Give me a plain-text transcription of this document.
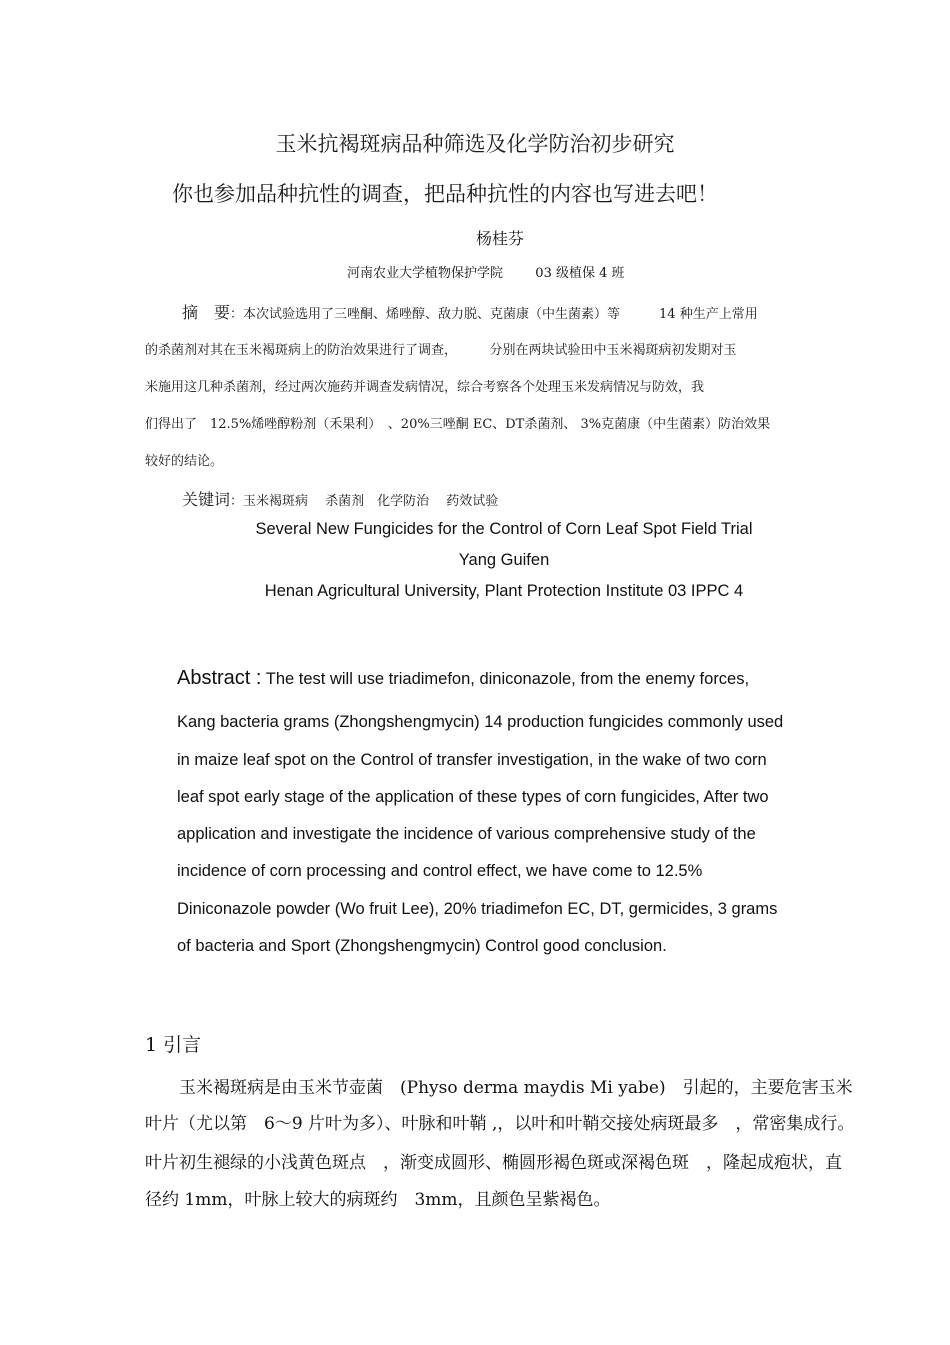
玉米抗褐斑病品种筛选及化学防治初步研究
你也参加品种抗性的调查，把品种抗性的内容也写进去吧！
杨桂芬
河南农业大学植物保护学院 03 级植保 4 班
摘　要：本次试验选用了三唑酮、烯唑醇、敌力脱、克菌康（中生菌素）等　　　14 种生产上常用
的杀菌剂对其在玉米褐斑病上的防治效果进行了调查，　　　分别在两块试验田中玉米褐斑病初发期对玉
米施用这几种杀菌剂，经过两次施药并调查发病情况，综合考察各个处理玉米发病情况与防效，我
们得出了　12.5%烯唑醇粉剂（禾果利）　、20%三唑酮 EC、DT杀菌剂、 3%克菌康（中生菌素）防治效果
较好的结论。
关键词：玉米褐斑病　 杀菌剂　化学防治　 药效试验
Several New Fungicides for the Control of Corn Leaf Spot Field Trial
Yang Guifen
Henan Agricultural University, Plant Protection Institute 03 IPPC 4
Abstract : The test will use triadimefon, diniconazole, from the enemy forces,
Kang bacteria grams (Zhongshengmycin) 14 production fungicides commonly used
in maize leaf spot on the Control of transfer investigation, in the wake of two corn
leaf spot early stage of the application of these types of corn fungicides, After two
application and investigate the incidence of various comprehensive study of the
incidence of corn processing and control effect, we have come to 12.5%
Diniconazole powder (Wo fruit Lee), 20% triadimefon EC, DT, germicides, 3 grams
of bacteria and Sport (Zhongshengmycin) Control good conclusion.
1 引言
　　玉米褐斑病是由玉米节壶菌　(Physo derma maydis Mi yabe)　引起的，主要危害玉米
叶片（尤以第　6～9 片叶为多）、叶脉和叶鞘 ,，以叶和叶鞘交接处病斑最多　，常密集成行。
叶片初生褪绿的小浅黄色斑点　，渐变成圆形、椭圆形褐色斑或深褐色斑　，隆起成疱状，直
径约 1mm，叶脉上较大的病斑约　3mm，且颜色呈紫褐色。
